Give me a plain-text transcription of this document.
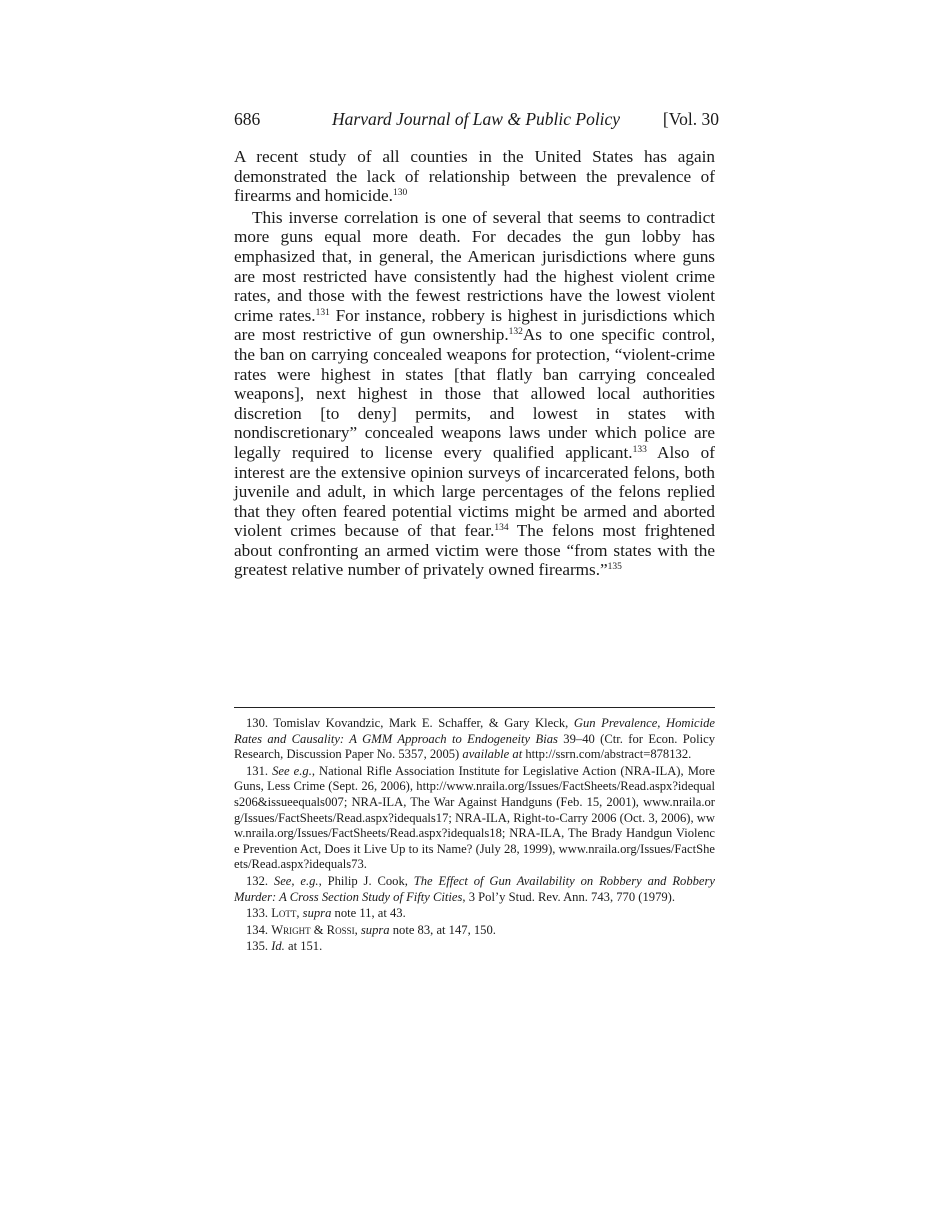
686	Harvard Journal of Law & Public Policy [Vol. 30

A recent study of all counties in the United States has again demonstrated the lack of relationship between the prevalence of firearms and homicide.$^{130}$

This inverse correlation is one of several that seems to contradict more guns equal more death. For decades the gun lobby has emphasized that, in general, the American jurisdictions where guns are most restricted have consistently had the highest violent crime rates, and those with the fewest restrictions have the lowest violent crime rates.$^{131}$ For instance, robbery is highest in jurisdictions which are most restrictive of gun ownership.$^{132}$As to one specific control, the ban on carrying concealed weapons for protection, “violent-crime rates were highest in states [that flatly ban carrying concealed weapons], next highest in those that allowed local authorities discretion [to deny] permits, and lowest in states with nondiscretionary” concealed weapons laws under which police are legally required to license every qualified applicant.$^{133}$ Also of interest are the extensive opinion surveys of incarcerated felons, both juvenile and adult, in which large percentages of the felons replied that they often feared potential victims might be armed and aborted violent crimes because of that fear.$^{134}$ The felons most frightened about confronting an armed victim were those “from states with the greatest relative number of privately owned firearms.”$^{135}$

130. Tomislav Kovandzic, Mark E. Schaffer, & Gary Kleck, Gun Prevalence, Homicide Rates and Causality: A GMM Approach to Endogeneity Bias 39–40 (Ctr. for Econ. Policy Research, Discussion Paper No. 5357, 2005) available at http://ssrn.com/abstract=878132.
131. See e.g., National Rifle Association Institute for Legislative Action (NRA-ILA), More Guns, Less Crime (Sept. 26, 2006), http://www.nraila.org/Issues/FactSheets/Read.aspx?idequals206&issueequals007; NRA-ILA, The War Against Handguns (Feb. 15, 2001), www.nraila.org/Issues/FactSheets/Read.aspx?idequals17; NRA-ILA, Right-to-Carry 2006 (Oct. 3, 2006), www.nraila.org/Issues/FactSheets/Read.aspx?idequals18; NRA-ILA, The Brady Handgun Violence Prevention Act, Does it Live Up to its Name? (July 28, 1999), www.nraila.org/Issues/FactSheets/Read.aspx?idequals73.
132. See, e.g., Philip J. Cook, The Effect of Gun Availability on Robbery and Robbery Murder: A Cross Section Study of Fifty Cities, 3 Pol’y Stud. Rev. Ann. 743, 770 (1979).
133. Lott, supra note 11, at 43.
134. Wright & Rossi, supra note 83, at 147, 150.
135. Id. at 151.
